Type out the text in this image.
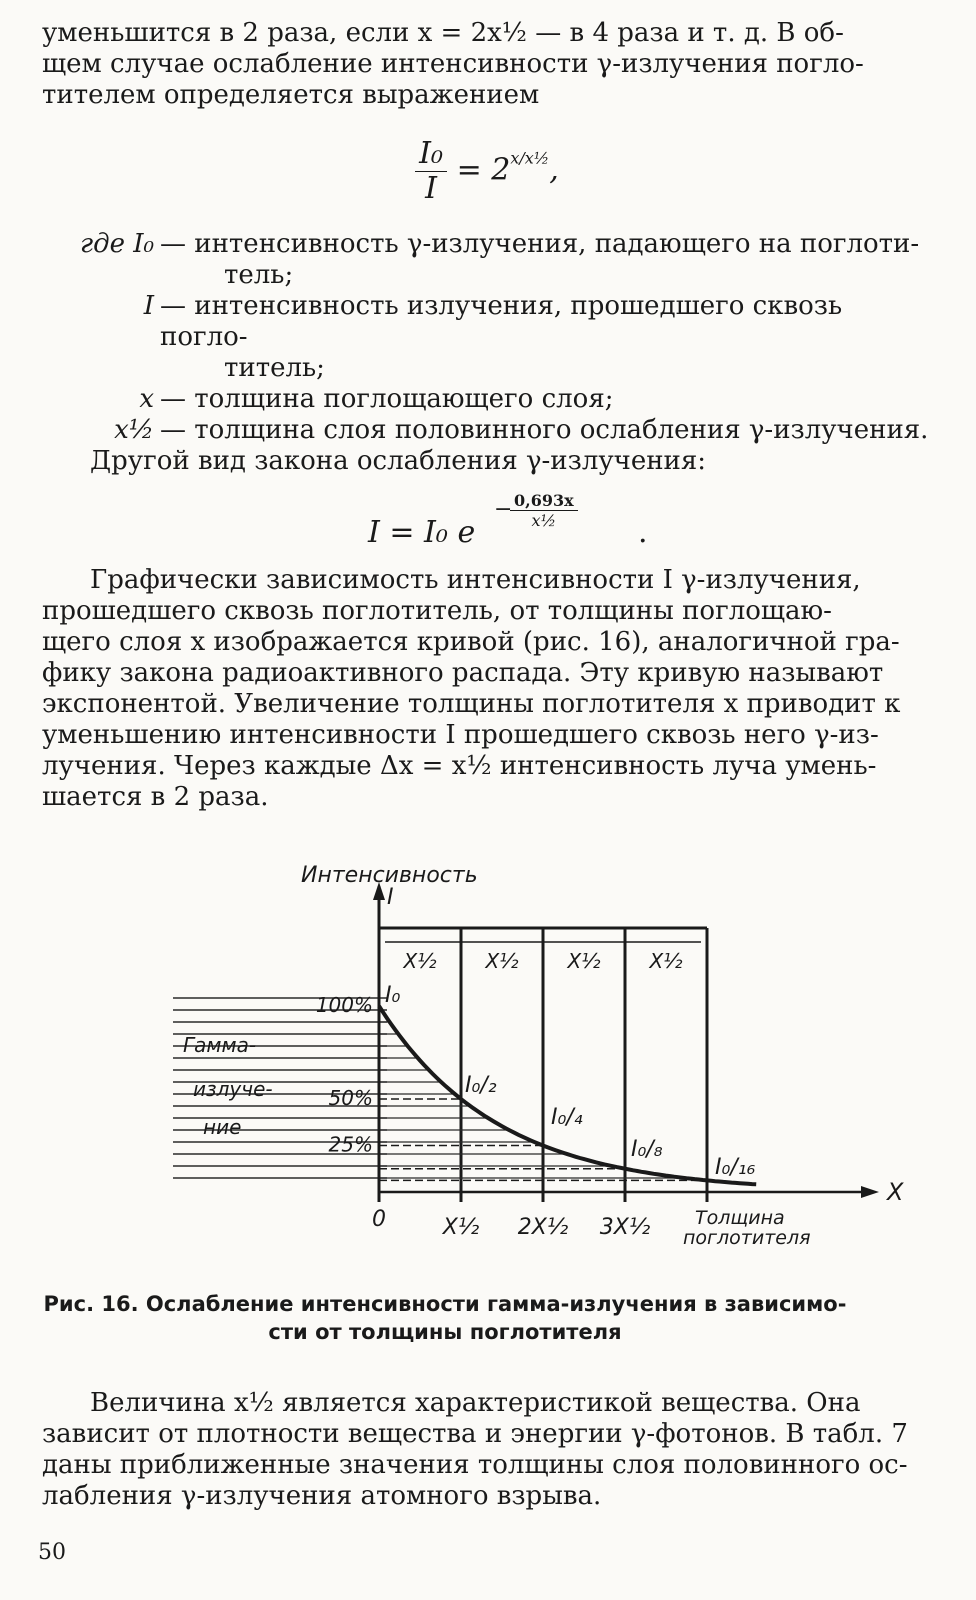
уменьшится в 2 раза, если x = 2x½ — в 4 раза и т. д. В об-

щем случае ослабление интенсивности γ-излучения погло-

тителем определяется выражением

$\frac{\text{I₀}}{I} = 2^{x/x\frac{1}{2}}$,
где I₀ — интенсивность γ-излучения, падающего на поглоти-
тель;
I — интенсивность излучения, прошедшего сквозь погло-
титель;
x — толщина поглощающего слоя;
x½ — толщина слоя половинного ослабления γ-излучения.

Другой вид закона ослабления γ-излучения:

I = I₀ e
−
$\frac{0,693x}{\text{x½}}$
.

Графически зависимость интенсивности I γ-излучения,

прошедшего сквозь поглотитель, от толщины поглощаю-

щего слоя x изображается кривой (рис. 16), аналогичной гра-

фику закона радиоактивного распада. Эту кривую называют

экспонентой. Увеличение толщины поглотителя x приводит к

уменьшению интенсивности I прошедшего сквозь него γ-из-

лучения. Через каждые Δx = x½ интенсивность луча умень-

шается в 2 раза.

Интенсивность
I
X
Толщина
поглотителя
0	X½ 2X½ 3X½
X½ X½ X½ X½
100%
50%
25%
Гамма-
излуче-
ние
I₀
I₀/₂
I₀/₄
I₀/₈
I₀/₁₆
Рис. 16. Ослабление интенсивности гамма-излучения в зависимо-
сти от толщины поглотителя

Величина x½ является характеристикой вещества. Она

зависит от плотности вещества и энергии γ-фотонов. В табл. 7

даны приближенные значения толщины слоя половинного ос-

лабления γ-излучения атомного взрыва.

50
